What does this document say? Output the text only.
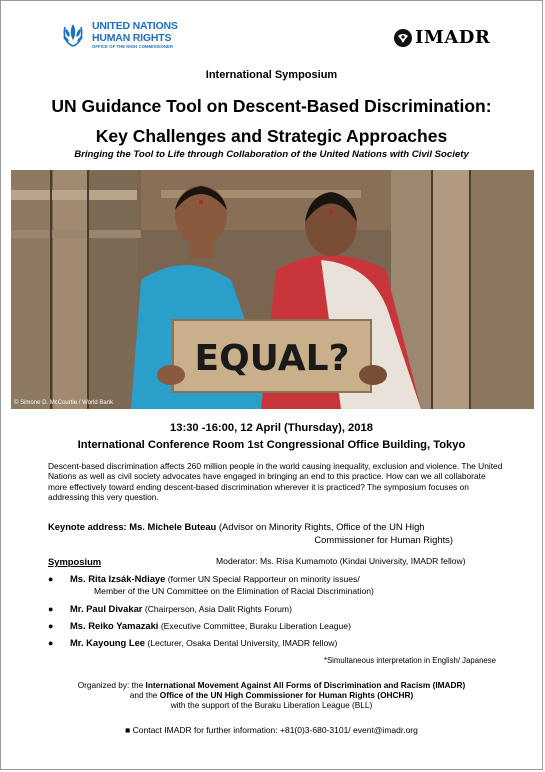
UNITED NATIONS
HUMAN RIGHTS
OFFICE OF THE HIGH COMMISSIONER	IMADR
International Symposium
UN Guidance Tool on Descent-Based Discrimination:
Key Challenges and Strategic Approaches
Bringing the Tool to Life through Collaboration of the United Nations with Civil Society
EQUAL?
© Simone D. McCourtie / World Bank
13:30 -16:00, 12 April (Thursday), 2018
International Conference Room 1st Congressional Office Building, Tokyo
Descent-based discrimination affects 260 million people in the world causing inequality, exclusion and violence. The United Nations as well as civil society advocates have engaged in bringing an end to this practice. How can we all collaborate more effectively toward ending descent-based discrimination wherever it is practiced? The symposium focuses on addressing this very question.
Keynote address: Ms. Michele Buteau (Advisor on Minority Rights, Office of the UN High
Commissioner for Human Rights)
Symposium	Moderator: Ms. Risa Kumamoto (Kindai University, IMADR fellow)
● Ms. Rita Izsák-Ndiaye (former UN Special Rapporteur on minority issues/
Member of the UN Committee on the Elimination of Racial Discrimination)
● Mr. Paul Divakar (Chairperson, Asia Dalit Rights Forum)
● Ms. Reiko Yamazaki (Executive Committee, Buraku Liberation League)
● Mr. Kayoung Lee (Lecturer, Osaka Dental University, IMADR fellow)
*Simultaneous interpretation in English/ Japanese
Organized by: the International Movement Against All Forms of Discrimination and Racism (IMADR)
and the Office of the UN High Commissioner for Human Rights (OHCHR)
with the support of the Buraku Liberation League (BLL)
■ Contact IMADR for further information: +81(0)3-680-3101/ event@imadr.org
